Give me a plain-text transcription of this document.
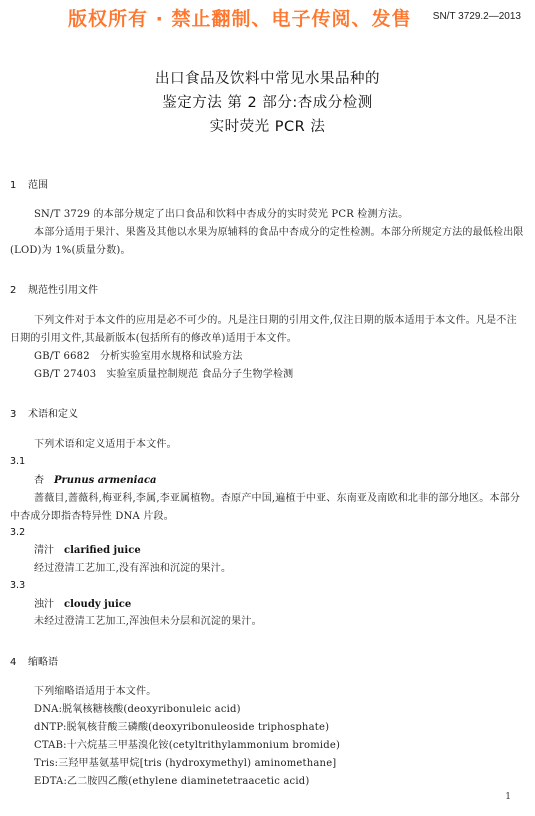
SN/T 3729.2—2013
版权所有 · 禁止翻制、电子传阅、发售
出口食品及饮料中常见水果品种的
鉴定方法 第 2 部分:杏成分检测
实时荧光 PCR 法
1 范围
SN/T 3729 的本部分规定了出口食品和饮料中杏成分的实时荧光 PCR 检测方法。
本部分适用于果汁、果酱及其他以水果为原辅料的食品中杏成分的定性检测。本部分所规定方法的最低检出限(LOD)为 1%(质量分数)。
2 规范性引用文件
下列文件对于本文件的应用是必不可少的。凡是注日期的引用文件,仅注日期的版本适用于本文件。凡是不注日期的引用文件,其最新版本(包括所有的修改单)适用于本文件。
GB/T 6682 分析实验室用水规格和试验方法
GB/T 27403 实验室质量控制规范 食品分子生物学检测
3 术语和定义
下列术语和定义适用于本文件。
3.1
杏 Prunus armeniaca
蔷薇目,蔷薇科,梅亚科,李属,李亚属植物。杏原产中国,遍植于中亚、东南亚及南欧和北非的部分地区。本部分中杏成分即指杏特异性 DNA 片段。
3.2
清汁 clarified juice
经过澄清工艺加工,没有浑浊和沉淀的果汁。
3.3
浊汁 cloudy juice
未经过澄清工艺加工,浑浊但未分层和沉淀的果汁。
4 缩略语
下列缩略语适用于本文件。
DNA:脱氧核糖核酸(deoxyribonuleic acid)
dNTP:脱氧核苷酸三磷酸(deoxyribonuleoside triphosphate)
CTAB:十六烷基三甲基溴化铵(cetyltrithylammonium bromide)
Tris:三羟甲基氨基甲烷[tris (hydroxymethyl) aminomethane]
EDTA:乙二胺四乙酸(ethylene diaminetetraacetic acid)
1
